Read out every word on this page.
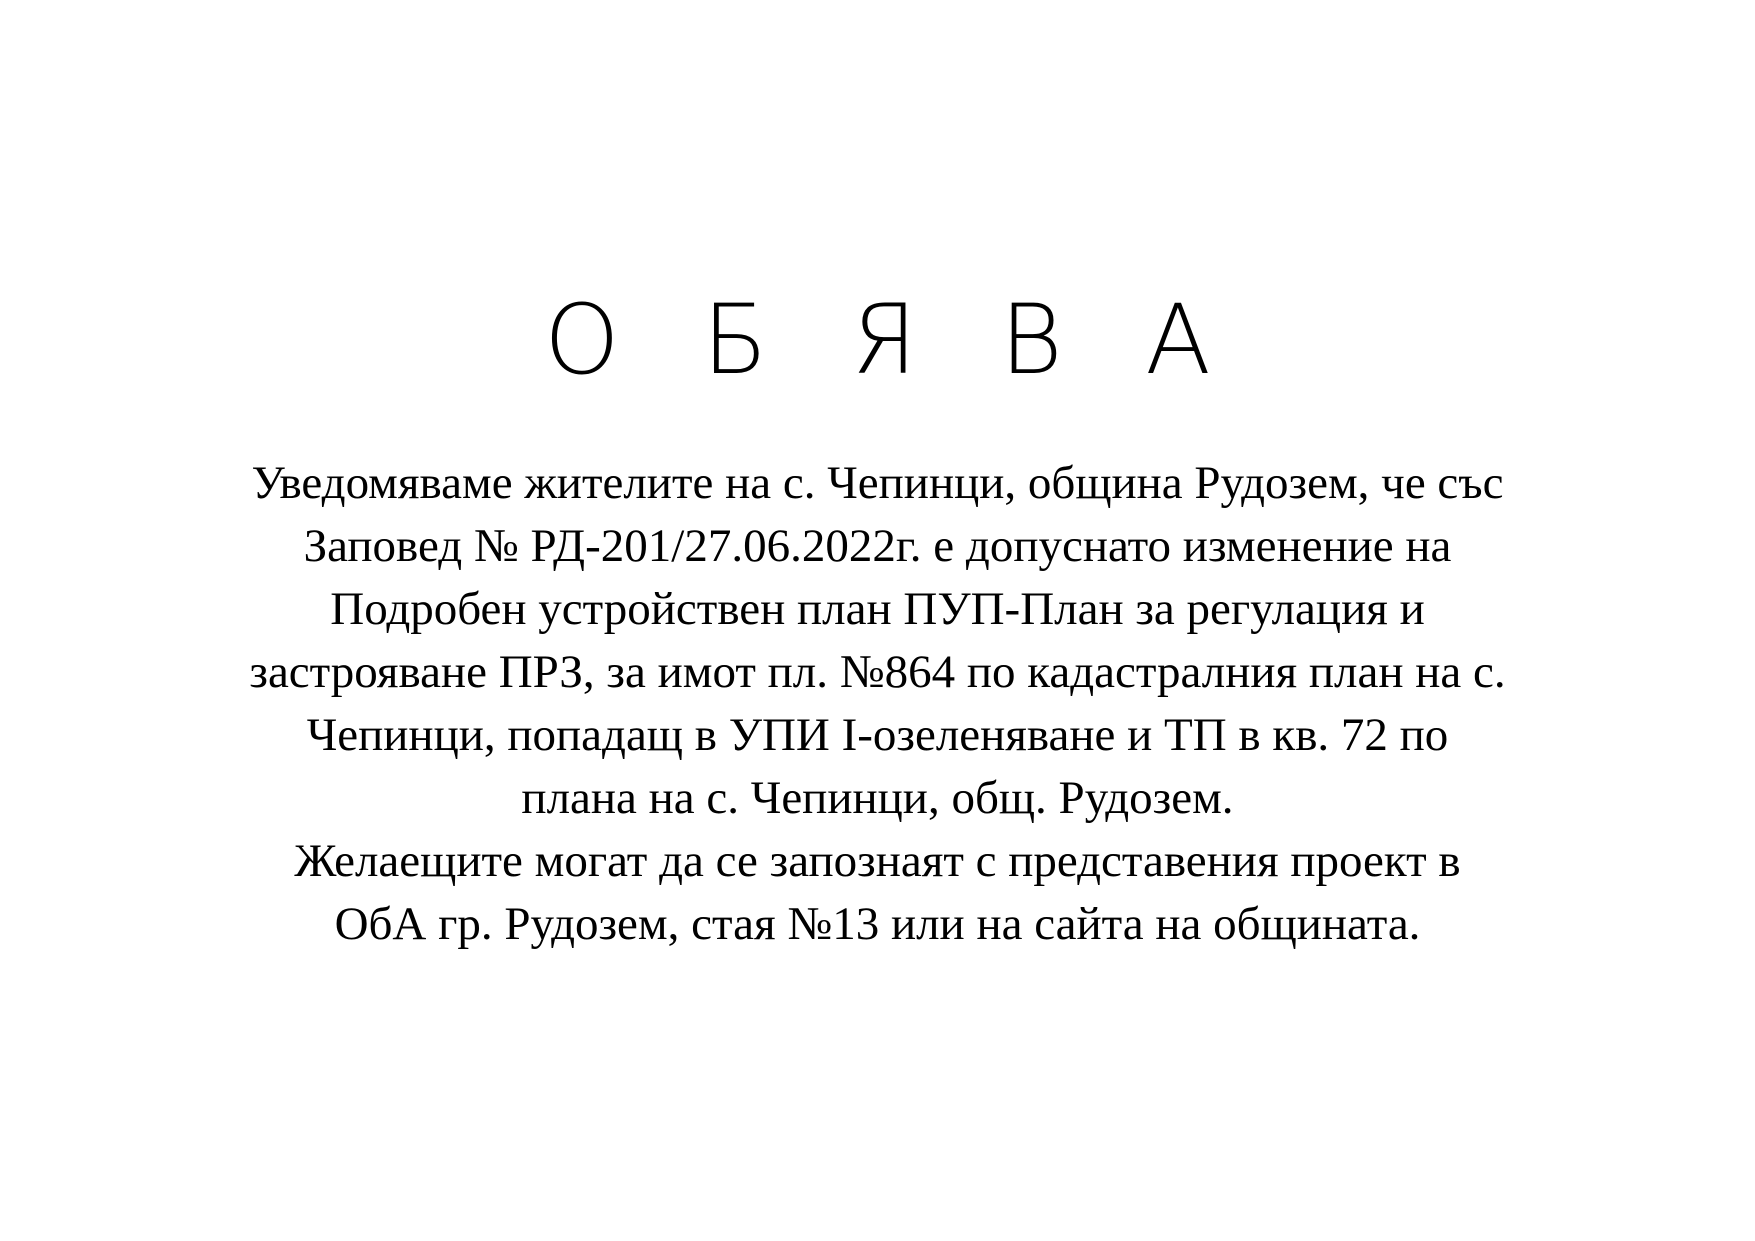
О Б Я В А
Уведомяваме жителите на с. Чепинци, община Рудозем, че със
Заповед № РД-201/27.06.2022г. е допуснато изменение на
Подробен устройствен план ПУП-План за регулация и
застрояване ПРЗ, за имот пл. №864 по кадастралния план на с.
Чепинци, попадащ в УПИ I-озеленяване и ТП в кв. 72 по
плана на с. Чепинци, общ. Рудозем.
Желаещите могат да се запознаят с представения проект в
ОбА гр. Рудозем, стая №13 или на сайта на общината.
